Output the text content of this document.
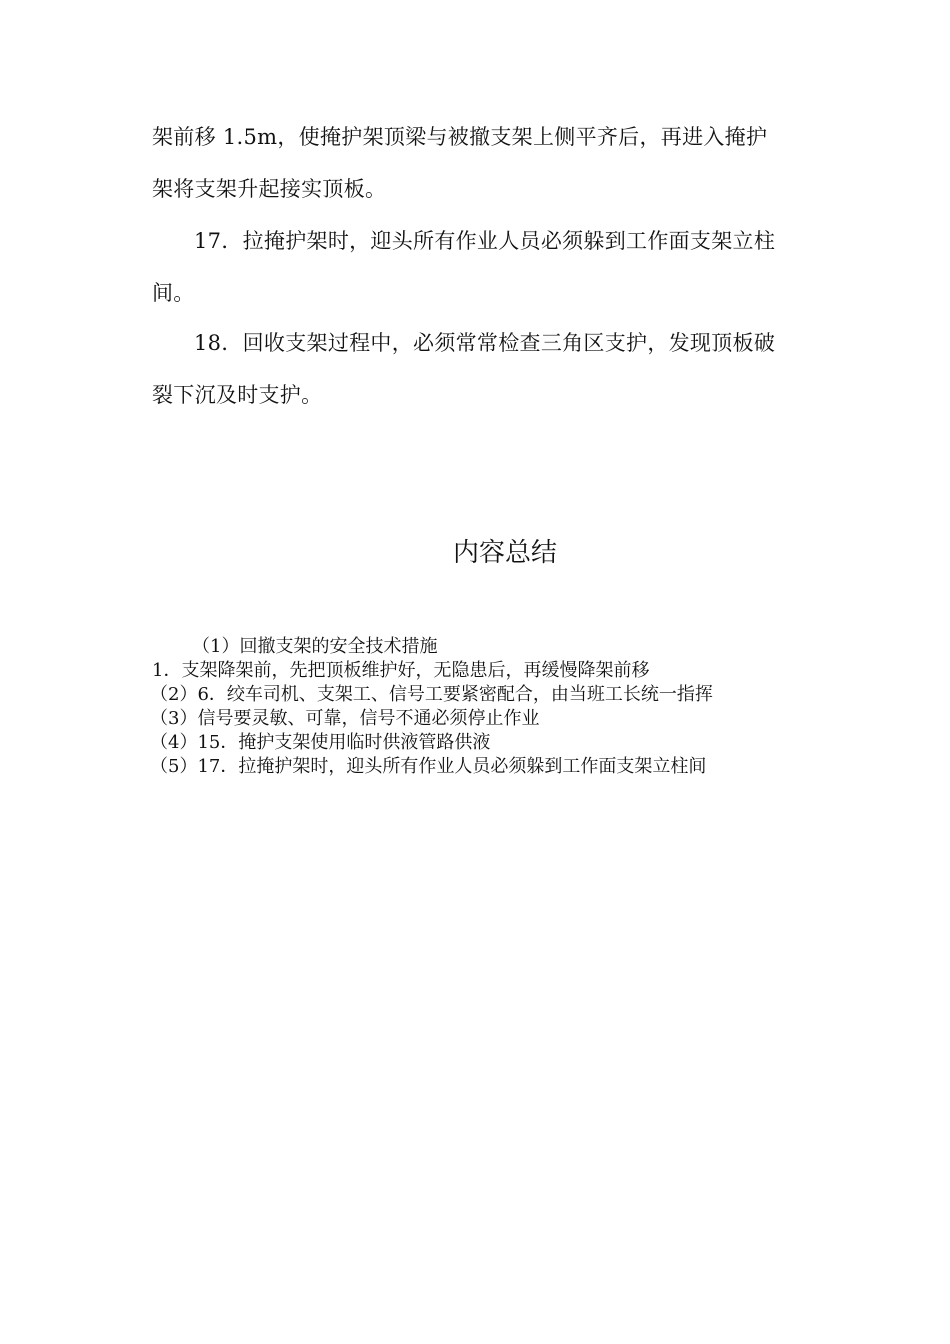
架前移 1.5m，使掩护架顶梁与被撤支架上侧平齐后，再进入掩护
架将支架升起接实顶板。
17．拉掩护架时，迎头所有作业人员必须躲到工作面支架立柱
间。
18．回收支架过程中，必须常常检查三角区支护，发现顶板破
裂下沉及时支护。
内容总结
（1）回撤支架的安全技术措施
1．支架降架前，先把顶板维护好，无隐患后，再缓慢降架前移
（2）6．绞车司机、支架工、信号工要紧密配合，由当班工长统一指挥
（3）信号要灵敏、可靠，信号不通必须停止作业
（4）15．掩护支架使用临时供液管路供液
（5）17．拉掩护架时，迎头所有作业人员必须躲到工作面支架立柱间
